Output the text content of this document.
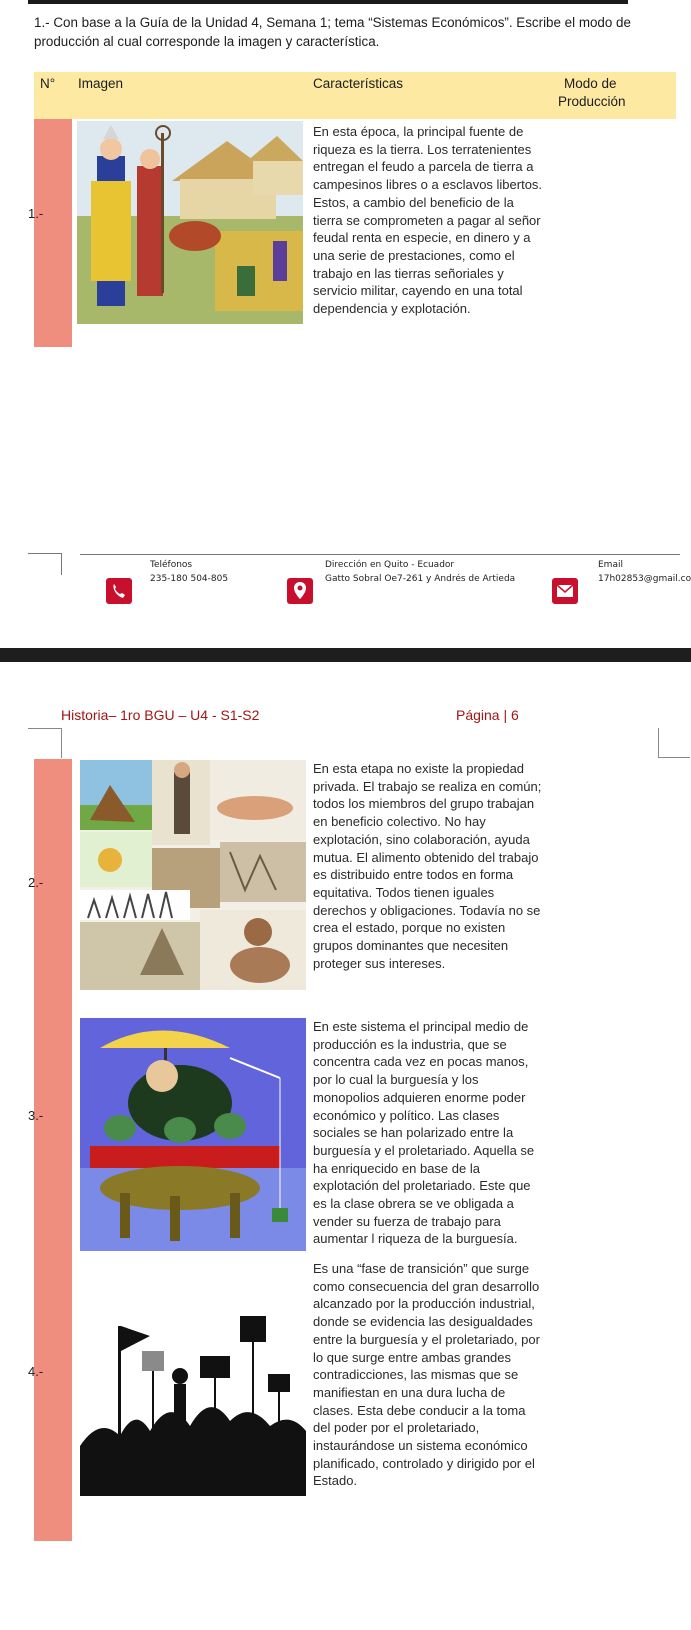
1.- Con base a la Guía de la Unidad 4, Semana 1; tema “Sistemas Económicos”. Escribe el modo de producción al cual corresponde la imagen y característica.

N° Imagen	Características	Modo de
Producción
1.-

En esta época, la principal fuente de riqueza es la tierra. Los terratenientes entregan el feudo a parcela de tierra a campesinos libres o a esclavos libertos. Estos, a cambio del beneficio de la tierra se comprometen a pagar al señor feudal renta en especie, en dinero y a una serie de prestaciones, como el trabajo en las tierras señoriales y servicio militar, cayendo en una total dependencia y explotación.

Teléfonos
235-180 504-805
Dirección en Quito - Ecuador
Gatto Sobral Oe7-261 y Andrés de Artieda
Email
17h02853@gmail.co
Historia– 1ro BGU – U4 - S1-S2	Página | 6
2.-

En esta etapa no existe la propiedad privada. El trabajo se realiza en común; todos los miembros del grupo trabajan en beneficio colectivo. No hay explotación, sino colaboración, ayuda mutua. El alimento obtenido del trabajo es distribuido entre todos en forma equitativa. Todos tienen iguales derechos y obligaciones. Todavía no se crea el estado, porque no existen grupos dominantes que necesiten proteger sus intereses.

3.-

En este sistema el principal medio de producción es la industria, que se concentra cada vez en pocas manos, por lo cual la burguesía y los monopolios adquieren enorme poder económico y político. Las clases sociales se han polarizado entre la burguesía y el proletariado. Aquella se ha enriquecido en base de la explotación del proletariado. Este que es la clase obrera se ve obligada a vender su fuerza de trabajo para aumentar l riqueza de la burguesía.

4.-

Es una “fase de transición” que surge como consecuencia del gran desarrollo alcanzado por la producción industrial, donde se evidencia las desigualdades entre la burguesía y el proletariado, por lo que surge entre ambas grandes contradicciones, las mismas que se manifiestan en una dura lucha de clases. Esta debe conducir a la toma del poder por el proletariado, instaurándose un sistema económico planificado, controlado y dirigido por el Estado.
